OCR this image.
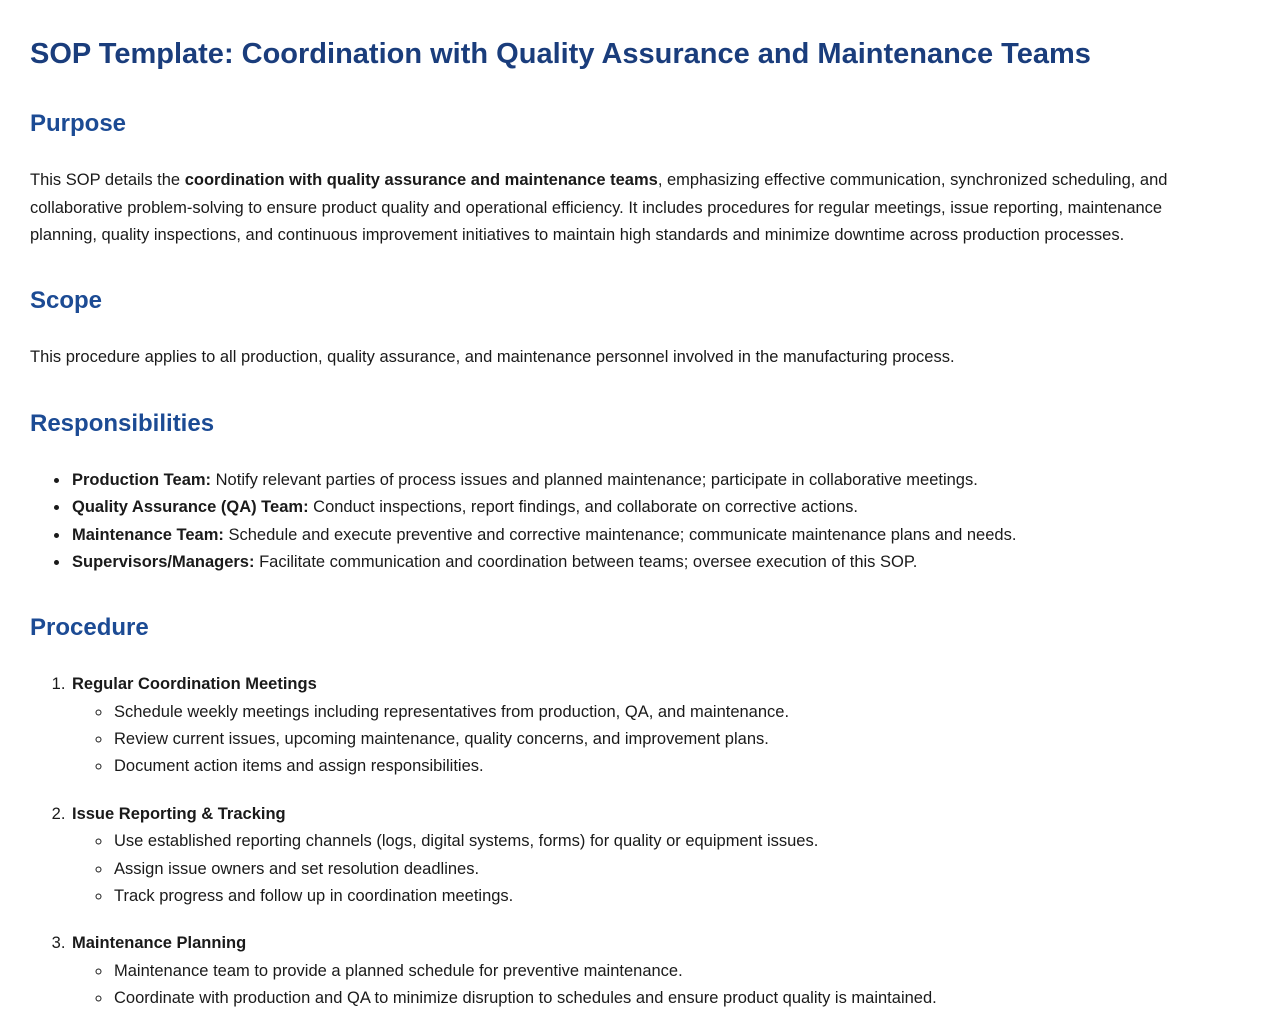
SOP Template: Coordination with Quality Assurance and Maintenance Teams
Purpose

This SOP details the coordination with quality assurance and maintenance teams, emphasizing effective communication, synchronized scheduling, and collaborative problem-solving to ensure product quality and operational efficiency. It includes procedures for regular meetings, issue reporting, maintenance planning, quality inspections, and continuous improvement initiatives to maintain high standards and minimize downtime across production processes.

Scope

This procedure applies to all production, quality assurance, and maintenance personnel involved in the manufacturing process.

Responsibilities
• Production Team: Notify relevant parties of process issues and planned maintenance; participate in collaborative meetings.
• Quality Assurance (QA) Team: Conduct inspections, report findings, and collaborate on corrective actions.
• Maintenance Team: Schedule and execute preventive and corrective maintenance; communicate maintenance plans and needs.
• Supervisors/Managers: Facilitate communication and coordination between teams; oversee execution of this SOP.
Procedure
1. Regular Coordination Meetings
◦ Schedule weekly meetings including representatives from production, QA, and maintenance.
◦ Review current issues, upcoming maintenance, quality concerns, and improvement plans.
◦ Document action items and assign responsibilities.
2. Issue Reporting & Tracking
◦ Use established reporting channels (logs, digital systems, forms) for quality or equipment issues.
◦ Assign issue owners and set resolution deadlines.
◦ Track progress and follow up in coordination meetings.
3. Maintenance Planning
◦ Maintenance team to provide a planned schedule for preventive maintenance.
◦ Coordinate with production and QA to minimize disruption to schedules and ensure product quality is maintained.
